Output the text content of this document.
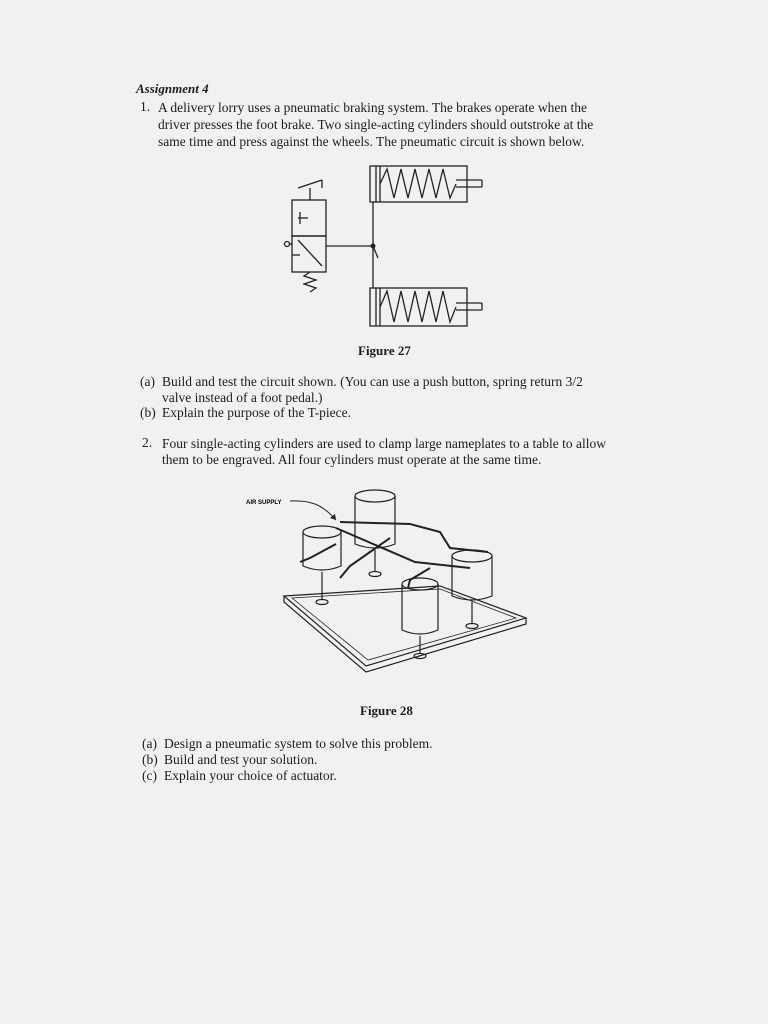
Assignment 4
1. A delivery lorry uses a pneumatic braking system. The brakes operate when the
driver presses the foot brake. Two single-acting cylinders should outstroke at the
same time and press against the wheels. The pneumatic circuit is shown below.
Figure 27
(a) Build and test the circuit shown. (You can use a push button, spring return 3/2
valve instead of a foot pedal.)
(b) Explain the purpose of the T-piece.
2. Four single-acting cylinders are used to clamp large nameplates to a table to allow
them to be engraved. All four cylinders must operate at the same time.
AIR SUPPLY
Figure 28
(a) Design a pneumatic system to solve this problem.
(b) Build and test your solution.
(c) Explain your choice of actuator.
